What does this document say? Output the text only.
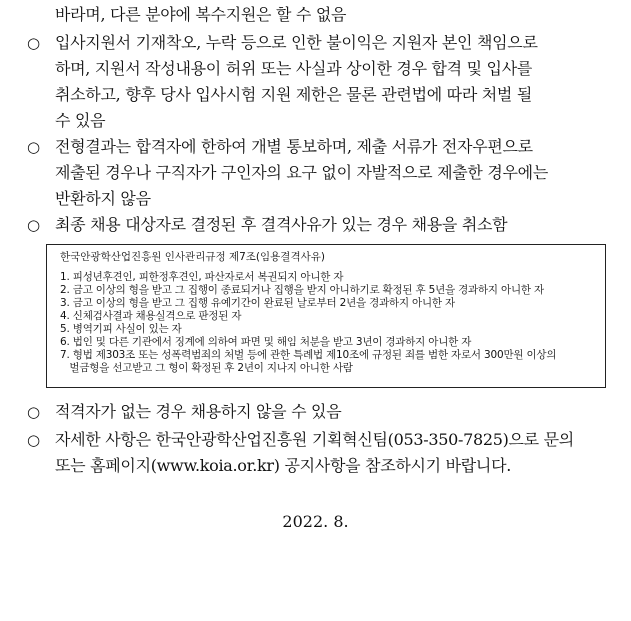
바라며, 다른 분야에 복수지원은 할 수 없음
○ 입사지원서 기재착오, 누락 등으로 인한 불이익은 지원자 본인 책임으로
하며, 지원서 작성내용이 허위 또는 사실과 상이한 경우 합격 및 입사를
취소하고, 향후 당사 입사시험 지원 제한은 물론 관련법에 따라 처벌 될
수 있음
○ 전형결과는 합격자에 한하여 개별 통보하며, 제출 서류가 전자우편으로
제출된 경우나 구직자가 구인자의 요구 없이 자발적으로 제출한 경우에는
반환하지 않음
○ 최종 채용 대상자로 결정된 후 결격사유가 있는 경우 채용을 취소함
한국안광학산업진흥원 인사관리규정 제7조(임용결격사유)
1. 피성년후견인, 피한정후견인, 파산자로서 복권되지 아니한 자
2. 금고 이상의 형을 받고 그 집행이 종료되거나 집행을 받지 아니하기로 확정된 후 5년을 경과하지 아니한 자
3. 금고 이상의 형을 받고 그 집행 유예기간이 완료된 날로부터 2년을 경과하지 아니한 자
4. 신체검사결과 채용실격으로 판정된 자
5. 병역기피 사실이 있는 자
6. 법인 및 다른 기관에서 징계에 의하여 파면 및 해임 처분을 받고 3년이 경과하지 아니한 자
7. 형법 제303조 또는 성폭력범죄의 처벌 등에 관한 특례법 제10조에 규정된 죄를 범한 자로서 300만원 이상의
벌금형을 선고받고 그 형이 확정된 후 2년이 지나지 아니한 사람
○ 적격자가 없는 경우 채용하지 않을 수 있음
○ 자세한 사항은 한국안광학산업진흥원 기획혁신팀(053-350-7825)으로 문의
또는 홈페이지(www.koia.or.kr) 공지사항을 참조하시기 바랍니다.
2022. 8.
